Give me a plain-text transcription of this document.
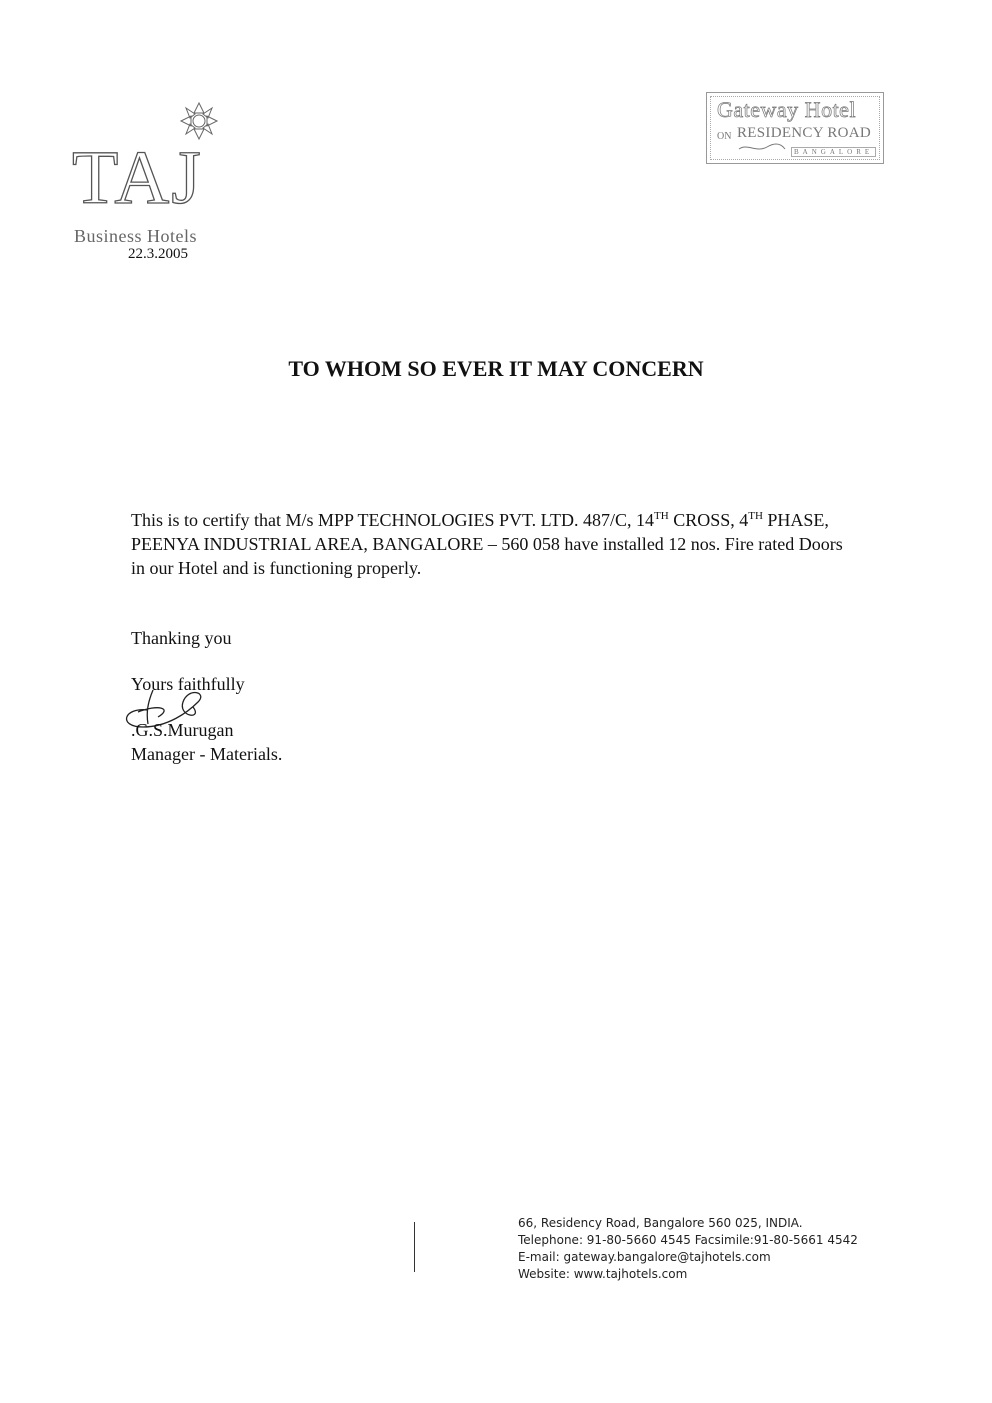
TAJ
Business Hotels
22.3.2005
Gateway Hotel
ON RESIDENCY ROAD
BANGALORE
TO WHOM SO EVER IT MAY CONCERN
This is to certify that M/s MPP TECHNOLOGIES PVT. LTD. 487/C, 14TH CROSS, 4TH PHASE, PEENYA INDUSTRIAL AREA, BANGALORE – 560 058 have installed 12 nos. Fire rated Doors in our Hotel and is functioning properly.
Thanking you
Yours faithfully
.G.S.Murugan
Manager - Materials.
66, Residency Road, Bangalore 560 025, INDIA.
Telephone: 91-80-5660 4545 Facsimile:91-80-5661 4542
E-mail: gateway.bangalore@tajhotels.com
Website: www.tajhotels.com
